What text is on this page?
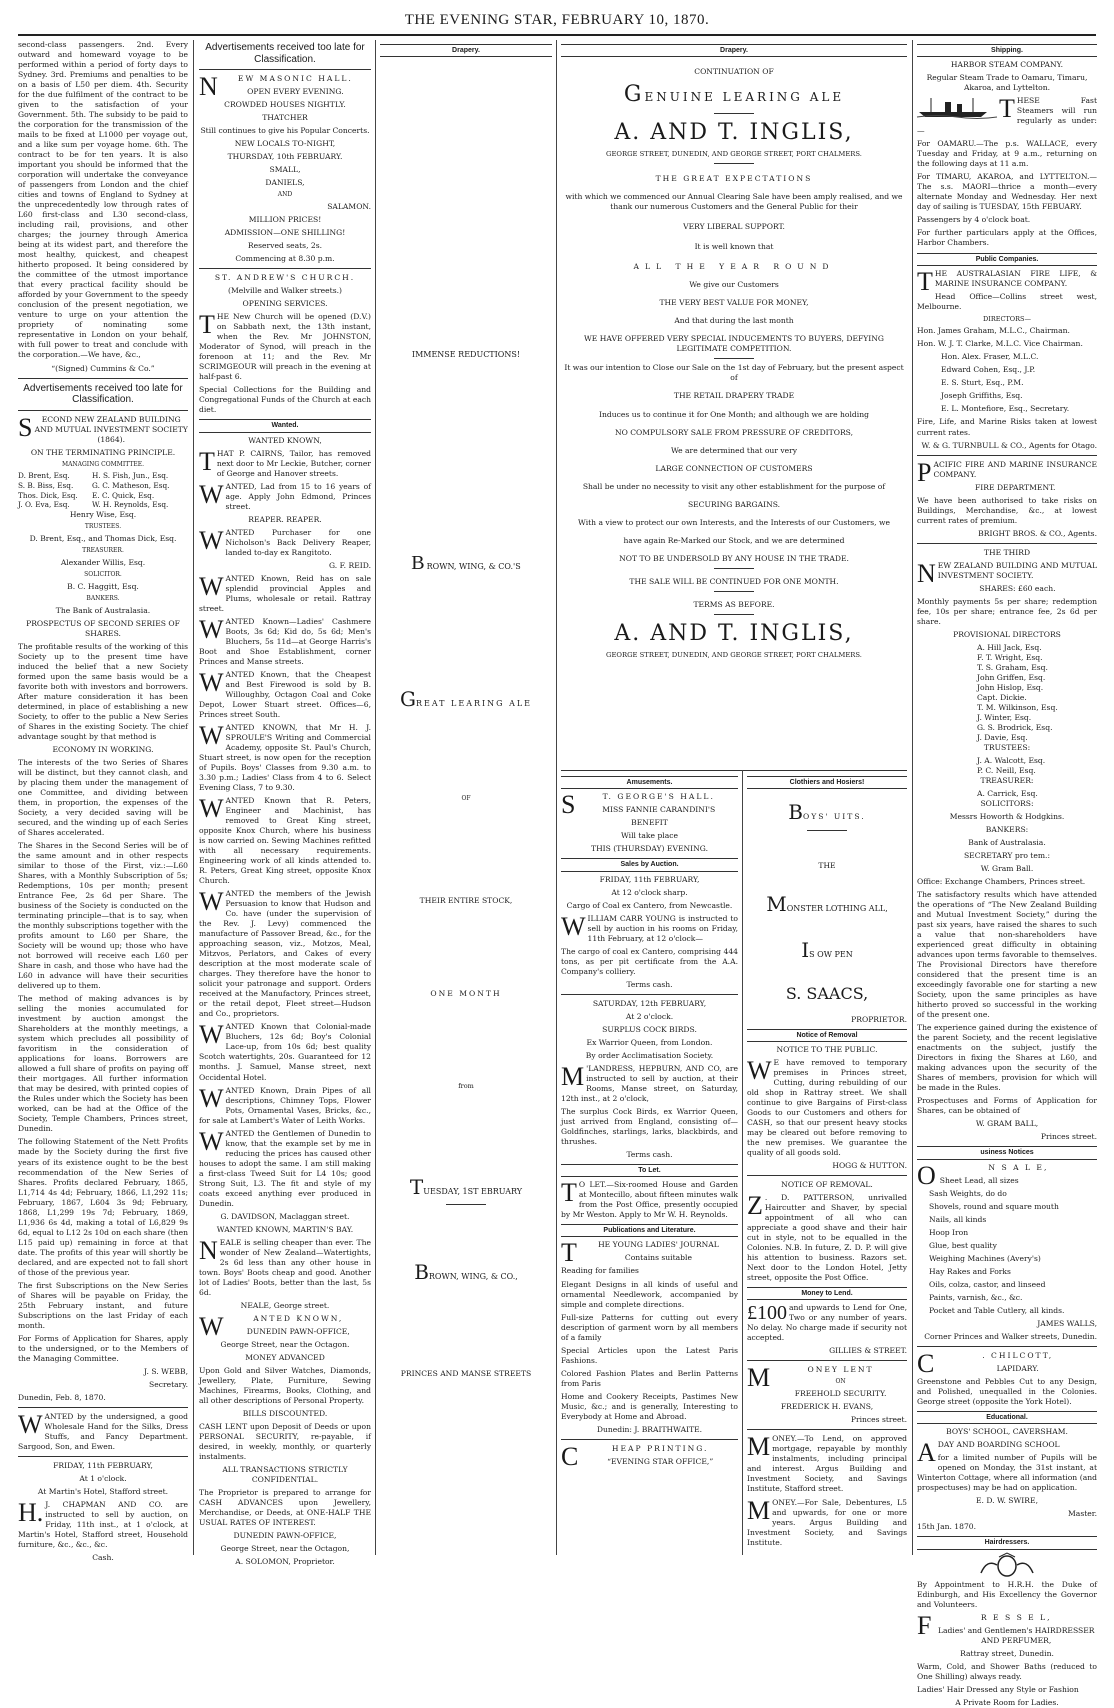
THE EVENING STAR, FEBRUARY 10, 1870.

second-class passengers. 2nd. Every outward and homeward voyage to be performed within a period of forty days to Sydney. 3rd. Premiums and penalties to be on a basis of L50 per diem. 4th. Security for the due fulfilment of the contract to be given to the satisfaction of your Government. 5th. The subsidy to be paid to the corporation for the transmission of the mails to be fixed at L1000 per voyage out, and a like sum per voyage home. 6th. The contract to be for ten years. It is also important you should be informed that the corporation will undertake the conveyance of passengers from London and the chief cities and towns of England to Sydney at the unprecedentedly low through rates of L60 first-class and L30 second-class, including rail, provisions, and other charges; the journey through America being at its widest part, and therefore the most healthy, quickest, and cheapest hitherto proposed. It being considered by the committee of the utmost importance that every practical facility should be afforded by your Government to the speedy conclusion of the present negotiation, we venture to urge on your attention the propriety of nominating some representative in London on your behalf, with full power to treat and conclude with the corporation.—We have, &c.,

“(Signed) Cummins & Co.”

Advertisements received too late for Classification.

S ECOND NEW ZEALAND BUILDING AND MUTUAL INVESTMENT SOCIETY (1864).

ON THE TERMINATING PRINCIPLE.

MANAGING COMMITTEE.

D. Brent, Esq.	H. S. Fish, Jun., Esq.
S. B. Biss, Esq.	G. C. Matheson, Esq.
Thos. Dick, Esq.	E. C. Quick, Esq.
J. O. Eva, Esq.	W. H. Reynolds, Esq.

Henry Wise, Esq.

TRUSTEES.

D. Brent, Esq., and Thomas Dick, Esq.

TREASURER.

Alexander Willis, Esq.

SOLICITOR.

B. C. Haggitt, Esq.

BANKERS.

The Bank of Australasia.

PROSPECTUS OF SECOND SERIES OF SHARES.

The profitable results of the working of this Society up to the present time have induced the belief that a new Society formed upon the same basis would be a favorite both with investors and borrowers. After mature consideration it has been determined, in place of establishing a new Society, to offer to the public a New Series of Shares in the existing Society. The chief advantage sought by that method is

ECONOMY IN WORKING.

The interests of the two Series of Shares will be distinct, but they cannot clash, and by placing them under the management of one Committee, and dividing between them, in proportion, the expenses of the Society, a very decided saving will be secured, and the winding up of each Series of Shares accelerated.

The Shares in the Second Series will be of the same amount and in other respects similar to those of the First, viz.:—L60 Shares, with a Monthly Subscription of 5s; Redemptions, 10s per month; present Entrance Fee, 2s 6d per Share. The business of the Society is conducted on the terminating principle—that is to say, when the monthly subscriptions together with the profits amount to L60 per Share, the Society will be wound up; those who have not borrowed will receive each L60 per Share in cash, and those who have had the L60 in advance will have their securities delivered up to them.

The method of making advances is by selling the monies accumulated for investment by auction amongst the Shareholders at the monthly meetings, a system which precludes all possibility of favoritism in the consideration of applications for loans. Borrowers are allowed a full share of profits on paying off their mortgages. All further information that may be desired, with printed copies of the Rules under which the Society has been worked, can be had at the Office of the Society, Temple Chambers, Princes street, Dunedin.

The following Statement of the Nett Profits made by the Society during the first five years of its existence ought to be the best recommendation of the New Series of Shares. Profits declared February, 1865, L1,714 4s 4d; February, 1866, L1,292 11s; February, 1867, L604 3s 9d; February, 1868, L1,299 19s 7d; February, 1869, L1,936 6s 4d, making a total of L6,829 9s 6d, equal to L12 2s 10d on each share (then L15 paid up) remaining in force at that date. The profits of this year will shortly be declared, and are expected not to fall short of those of the previous year.

The first Subscriptions on the New Series of Shares will be payable on Friday, the 25th February instant, and future Subscriptions on the last Friday of each month.

For Forms of Application for Shares, apply to the undersigned, or to the Members of the Managing Committee.

J. S. WEBB,

Secretary.

Dunedin, Feb. 8, 1870.

WANTED by the undersigned, a good Wholesale Hand for the Silks, Dress Stuffs, and Fancy Department. Sargood, Son, and Ewen.

FRIDAY, 11th FEBRUARY,

At 1 o'clock.

At Martin's Hotel, Stafford street.

H. J. CHAPMAN AND CO. are instructed to sell by auction, on Friday, 11th inst., at 1 o'clock, at Martin's Hotel, Stafford street, Household furniture, &c., &c., &c.

Cash.

Advertisements received too late for Classification.

N	EW MASONIC HALL.

OPEN EVERY EVENING.

CROWDED HOUSES NIGHTLY.

THATCHER

Still continues to give his Popular Concerts.

NEW LOCALS TO-NIGHT,

THURSDAY, 10th FEBRUARY.

SMALL,

DANIELS,

AND

SALAMON.

MILLION PRICES!

ADMISSION—ONE SHILLING!

Reserved seats, 2s.

Commencing at 8.30 p.m.

ST. ANDREW'S CHURCH.

(Melville and Walker streets.)

OPENING SERVICES.

THE New Church will be opened (D.V.) on Sabbath next, the 13th instant, when the Rev. Mr JOHNSTON, Moderator of Synod, will preach in the forenoon at 11; and the Rev. Mr SCRIMGEOUR will preach in the evening at half-past 6.

Special Collections for the Building and Congregational Funds of the Church at each diet.

Wanted.

WANTED KNOWN,

THAT P. CAIRNS, Tailor, has removed next door to Mr Leckie, Butcher, corner of George and Hanover streets.

WANTED, Lad from 15 to 16 years of age. Apply John Edmond, Princes street.

REAPER. REAPER.

WANTED Purchaser for one Nicholson's Back Delivery Reaper, landed to-day ex Rangitoto.

G. F. REID.

WANTED Known, Reid has on sale splendid provincial Apples and Plums, wholesale or retail. Rattray street.

WANTED Known—Ladies' Cashmere Boots, 3s 6d; Kid do, 5s 6d; Men's Bluchers, 5s 11d—at George Harris's Boot and Shoe Establishment, corner Princes and Manse streets.

WANTED Known, that the Cheapest and Best Firewood is sold by B. Willoughby, Octagon Coal and Coke Depot, Lower Stuart street. Offices—6, Princes street South.

WANTED KNOWN, that Mr H. J. SPROULE'S Writing and Commercial Academy, opposite St. Paul's Church, Stuart street, is now open for the reception of Pupils. Boys' Classes from 9.30 a.m. to 3.30 p.m.; Ladies' Class from 4 to 6. Select Evening Class, 7 to 9.30.

WANTED Known that R. Peters, Engineer and Machinist, has removed to Great King street, opposite Knox Church, where his business is now carried on. Sewing Machines refitted with all necessary requirements. Engineering work of all kinds attended to. R. Peters, Great King street, opposite Knox Church.

WANTED the members of the Jewish Persuasion to know that Hudson and Co. have (under the supervision of the Rev. J. Levy) commenced the manufacture of Passover Bread, &c., for the approaching season, viz., Motzos, Meal, Mitzvos, Perlators, and Cakes of every description at the most moderate scale of charges. They therefore have the honor to solicit your patronage and support. Orders received at the Manufactory, Princes street, or the retail depot, Fleet street—Hudson and Co., proprietors.

WANTED Known that Colonial-made Bluchers, 12s 6d; Boy's Colonial Lace-up, from 10s 6d; best quality Scotch watertights, 20s. Guaranteed for 12 months. J. Samuel, Manse street, next Occidental Hotel.

WANTED Known, Drain Pipes of all descriptions, Chimney Tops, Flower Pots, Ornamental Vases, Bricks, &c., for sale at Lambert's Water of Leith Works.

WANTED the Gentlemen of Dunedin to know, that the example set by me in reducing the prices has caused other houses to adopt the same. I am still making a first-class Tweed Suit for L4 10s; good Strong Suit, L3. The fit and style of my coats exceed anything ever produced in Dunedin.

G. DAVIDSON, Maclaggan street.

WANTED KNOWN, MARTIN'S BAY.

NEALE is selling cheaper than ever. The wonder of New Zealand—Watertights, 2s 6d less than any other house in town. Boys' Boots cheap and good. Another lot of Ladies' Boots, better than the last, 5s 6d.

NEALE, George street.

W	ANTED KNOWN,

DUNEDIN PAWN-OFFICE,

George Street, near the Octagon.

MONEY ADVANCED

Upon Gold and Silver Watches, Diamonds, Jewellery, Plate, Furniture, Sewing Machines, Firearms, Books, Clothing, and all other descriptions of Personal Property.

BILLS DISCOUNTED.

CASH LENT upon Deposit of Deeds or upon PERSONAL SECURITY, re-payable, if desired, in weekly, monthly, or quarterly instalments.

ALL TRANSACTIONS STRICTLY CONFIDENTIAL.

The Proprietor is prepared to arrange for CASH ADVANCES upon Jewellery, Merchandise, or Deeds, at ONE-HALF THE USUAL RATES OF INTEREST.

DUNEDIN PAWN-OFFICE,

George Street, near the Octagon,

A. SOLOMON, Proprietor.

Drapery.

IMMENSE REDUCTIONS!

BROWN, WING, & CO.'S

GREAT LEARING ALE

OF

THEIR ENTIRE STOCK,

ONE MONTH

from

TUESDAY, 1ST EBRUARY

BROWN, WING, & CO.,

PRINCES AND MANSE STREETS

Drapery.

CONTINUATION OF

GENUINE LEARING ALE

A. AND T. INGLIS,

GEORGE STREET, DUNEDIN, AND GEORGE STREET, PORT CHALMERS.

THE GREAT EXPECTATIONS

with which we commenced our Annual Clearing Sale have been amply realised, and we thank our numerous Customers and the General Public for their

VERY LIBERAL SUPPORT.

It is well known that

ALL THE YEAR ROUND

We give our Customers

THE VERY BEST VALUE FOR MONEY,

And that during the last month

WE HAVE OFFERED VERY SPECIAL INDUCEMENTS TO BUYERS, DEFYING LEGITIMATE COMPETITION.

It was our intention to Close our Sale on the 1st day of February, but the present aspect of

THE RETAIL DRAPERY TRADE

Induces us to continue it for One Month; and although we are holding

NO COMPULSORY SALE FROM PRESSURE OF CREDITORS,

We are determined that our very

LARGE CONNECTION OF CUSTOMERS

Shall be under no necessity to visit any other establishment for the purpose of

SECURING BARGAINS.

With a view to protect our own Interests, and the Interests of our Customers, we

have again Re-Marked our Stock, and we are determined

NOT TO BE UNDERSOLD BY ANY HOUSE IN THE TRADE.

THE SALE WILL BE CONTINUED FOR ONE MONTH.

TERMS AS BEFORE.

A. AND T. INGLIS,

GEORGE STREET, DUNEDIN, AND GEORGE STREET, PORT CHALMERS.

Amusements.

S	T. GEORGE'S HALL.

MISS FANNIE CARANDINI'S

BENEFIT

Will take place

THIS (THURSDAY) EVENING.

Sales by Auction.

FRIDAY, 11th FEBRUARY,

At 12 o'clock sharp.

Cargo of Coal ex Cantero, from Newcastle.

WILLIAM CARR YOUNG is instructed to sell by auction in his rooms on Friday, 11th February, at 12 o'clock—

The cargo of coal ex Cantero, comprising 444 tons, as per pit certificate from the A.A. Company's colliery.

Terms cash.

SATURDAY, 12th FEBRUARY,

At 2 o'clock.

SURPLUS COCK BIRDS.

Ex Warrior Queen, from London.

By order Acclimatisation Society.

M 'LANDRESS, HEPBURN, AND CO, are instructed to sell by auction, at their Rooms, Manse street, on Saturday, 12th inst., at 2 o'clock,

The surplus Cock Birds, ex Warrior Queen, just arrived from England, consisting of—Goldfinches, starlings, larks, blackbirds, and thrushes.

Terms cash.

To Let.

T O LET.—Six-roomed House and Garden at Montecillo, about fifteen minutes walk from the Post Office, presently occupied by Mr Weston. Apply to Mr W. H. Reynolds.

Publications and Literature.

T	HE YOUNG LADIES' JOURNAL

Contains suitable

Reading for families

Elegant Designs in all kinds of useful and ornamental Needlework, accompanied by simple and complete directions.

Full-size Patterns for cutting out every description of garment worn by all members of a family

Special Articles upon the Latest Paris Fashions.

Colored Fashion Plates and Berlin Patterns from Paris

Home and Cookery Receipts, Pastimes New Music, &c.; and is generally, Interesting to Everybody at Home and Abroad.

Dunedin: J. BRAITHWAITE.

C	HEAP PRINTING.

“EVENING STAR OFFICE,”

Clothiers and Hosiers!

BOYS' UITS.

THE

MONSTER LOTHING ALL,

IS OW PEN

S. SAACS,

PROPRIETOR.

Notice of Removal

NOTICE TO THE PUBLIC.

W E have removed to temporary premises in Princes street, Cutting, during rebuilding of our old shop in Rattray street. We shall continue to give Bargains of First-class Goods to our Customers and others for CASH, so that our present heavy stocks may be cleared out before removing to the new premises. We guarantee the quality of all goods sold.

HOGG & HUTTON.

NOTICE OF REMOVAL.

Z . D. PATTERSON, unrivalled Haircutter and Shaver, by special appointment of all who can appreciate a good shave and their hair cut in style, not to be equalled in the Colonies. N.B. In future, Z. D. P. will give his attention to business. Razors set. Next door to the London Hotel, Jetty street, opposite the Post Office.

Money to Lend.

£100 and upwards to Lend for One, Two or any number of years. No delay. No charge made if security not accepted.

GILLIES & STREET.

M	ONEY LENT

ON

FREEHOLD SECURITY.

FREDERICK H. EVANS,

Princes street.

MONEY.—To Lend, on approved mortgage, repayable by monthly instalments, including principal and interest. Argus Building and Investment Society, and Savings Institute, Stafford street.

MONEY.—For Sale, Debentures, L5 and upwards, for one or more years. Argus Building and Investment Society, and Savings Institute.

Shipping.

HARBOR STEAM COMPANY.

Regular Steam Trade to Oamaru, Timaru, Akaroa, and Lyttelton.

THESE Fast Steamers will run regularly as under:—

For OAMARU.—The p.s. WALLACE, every Tuesday and Friday, at 9 a.m., returning on the following days at 11 a.m.

For TIMARU, AKAROA, and LYTTELTON.—The s.s. MAORI—thrice a month—every alternate Monday and Wednesday. Her next day of sailing is TUESDAY, 15th FEBUARY.

Passengers by 4 o'clock boat.

For further particulars apply at the Offices, Harbor Chambers.

Public Companies.

THE AUSTRALASIAN FIRE LIFE, & MARINE INSURANCE COMPANY.

Head Office—Collins street west, Melbourne.

DIRECTORS—

Hon. James Graham, M.L.C., Chairman.

Hon. W. J. T. Clarke, M.L.C. Vice Chairman.

Hon. Alex. Fraser, M.L.C.

Edward Cohen, Esq., J.P.

E. S. Sturt, Esq., P.M.

Joseph Griffiths, Esq.

E. L. Montefiore, Esq., Secretary.

Fire, Life, and Marine Risks taken at lowest current rates.

W. & G. TURNBULL & CO., Agents for Otago.

PACIFIC FIRE AND MARINE INSURANCE COMPANY.

FIRE DEPARTMENT.

We have been authorised to take risks on Buildings, Merchandise, &c., at lowest current rates of premium.

BRIGHT BROS. & CO., Agents.

THE THIRD

NEW ZEALAND BUILDING AND MUTUAL INVESTMENT SOCIETY.

SHARES: £60 each.

Monthly payments 5s per share; redemption fee, 10s per share; entrance fee, 2s 6d per share.

PROVISIONAL DIRECTORS

A. Hill Jack, Esq.
F. T. Wright, Esq.
T. S. Graham, Esq.
John Griffen, Esq.
John Hislop, Esq.
Capt. Dickie.
T. M. Wilkinson, Esq.
J. Winter, Esq.
G. S. Brodrick, Esq.
J. Davie, Esq.

TRUSTEES:

J. A. Walcott, Esq.
P. C. Neill, Esq.

TREASURER:

A. Carrick, Esq.

SOLICITORS:

Messrs Howorth & Hodgkins.

BANKERS:

Bank of Australasia.

SECRETARY pro tem.:

W. Gram Ball.

Office: Exchange Chambers, Princes street.

The satisfactory results which have attended the operations of “The New Zealand Building and Mutual Investment Society,” during the past six years, have raised the shares to such a value that non-shareholders have experienced great difficulty in obtaining advances upon terms favorable to themselves. The Provisional Directors have therefore considered that the present time is an exceedingly favorable one for starting a new Society, upon the same principles as have hitherto proved so successful in the working of the present one.

The experience gained during the existence of the parent Society, and the recent legislative enactments on the subject, justify the Directors in fixing the Shares at L60, and making advances upon the security of the Shares of members, provision for which will be made in the Rules.

Prospectuses and Forms of Application for Shares, can be obtained of

W. GRAM BALL,

Princes street.

usiness Notices

O	N S A L E,

Sheet Lead, all sizes

Sash Weights, do do

Shovels, round and square mouth

Nails, all kinds

Hoop Iron

Glue, best quality

Weighing Machines (Avery's)

Hay Rakes and Forks

Oils, colza, castor, and linseed

Paints, varnish, &c., &c.

Pocket and Table Cutlery, all kinds.

JAMES WALLS,

Corner Princes and Walker streets, Dunedin.

C	. CHILCOTT,

LAPIDARY.

Greenstone and Pebbles Cut to any Design, and Polished, unequalled in the Colonies. George street (opposite the York Hotel).

Educational.

BOYS' SCHOOL, CAVERSHAM.

ADAY AND BOARDING SCHOOL

for a limited number of Pupils will be opened on Monday, the 31st instant, at Winterton Cottage, where all information (and prospectuses) may be had on application.

E. D. W. SWIRE,

Master.

15th Jan. 1870.

Hairdressers.

By Appointment to H.R.H. the Duke of Edinburgh, and His Excellency the Governor and Volunteers.

F	R E S S E L,

Ladies' and Gentlemen's HAIRDRESSER AND PERFUMER,

Rattray street, Dunedin.

Warm, Cold, and Shower Baths (reduced to One Shilling) always ready.

Ladies' Hair Dressed any Style or Fashion

A Private Room for Ladies.
